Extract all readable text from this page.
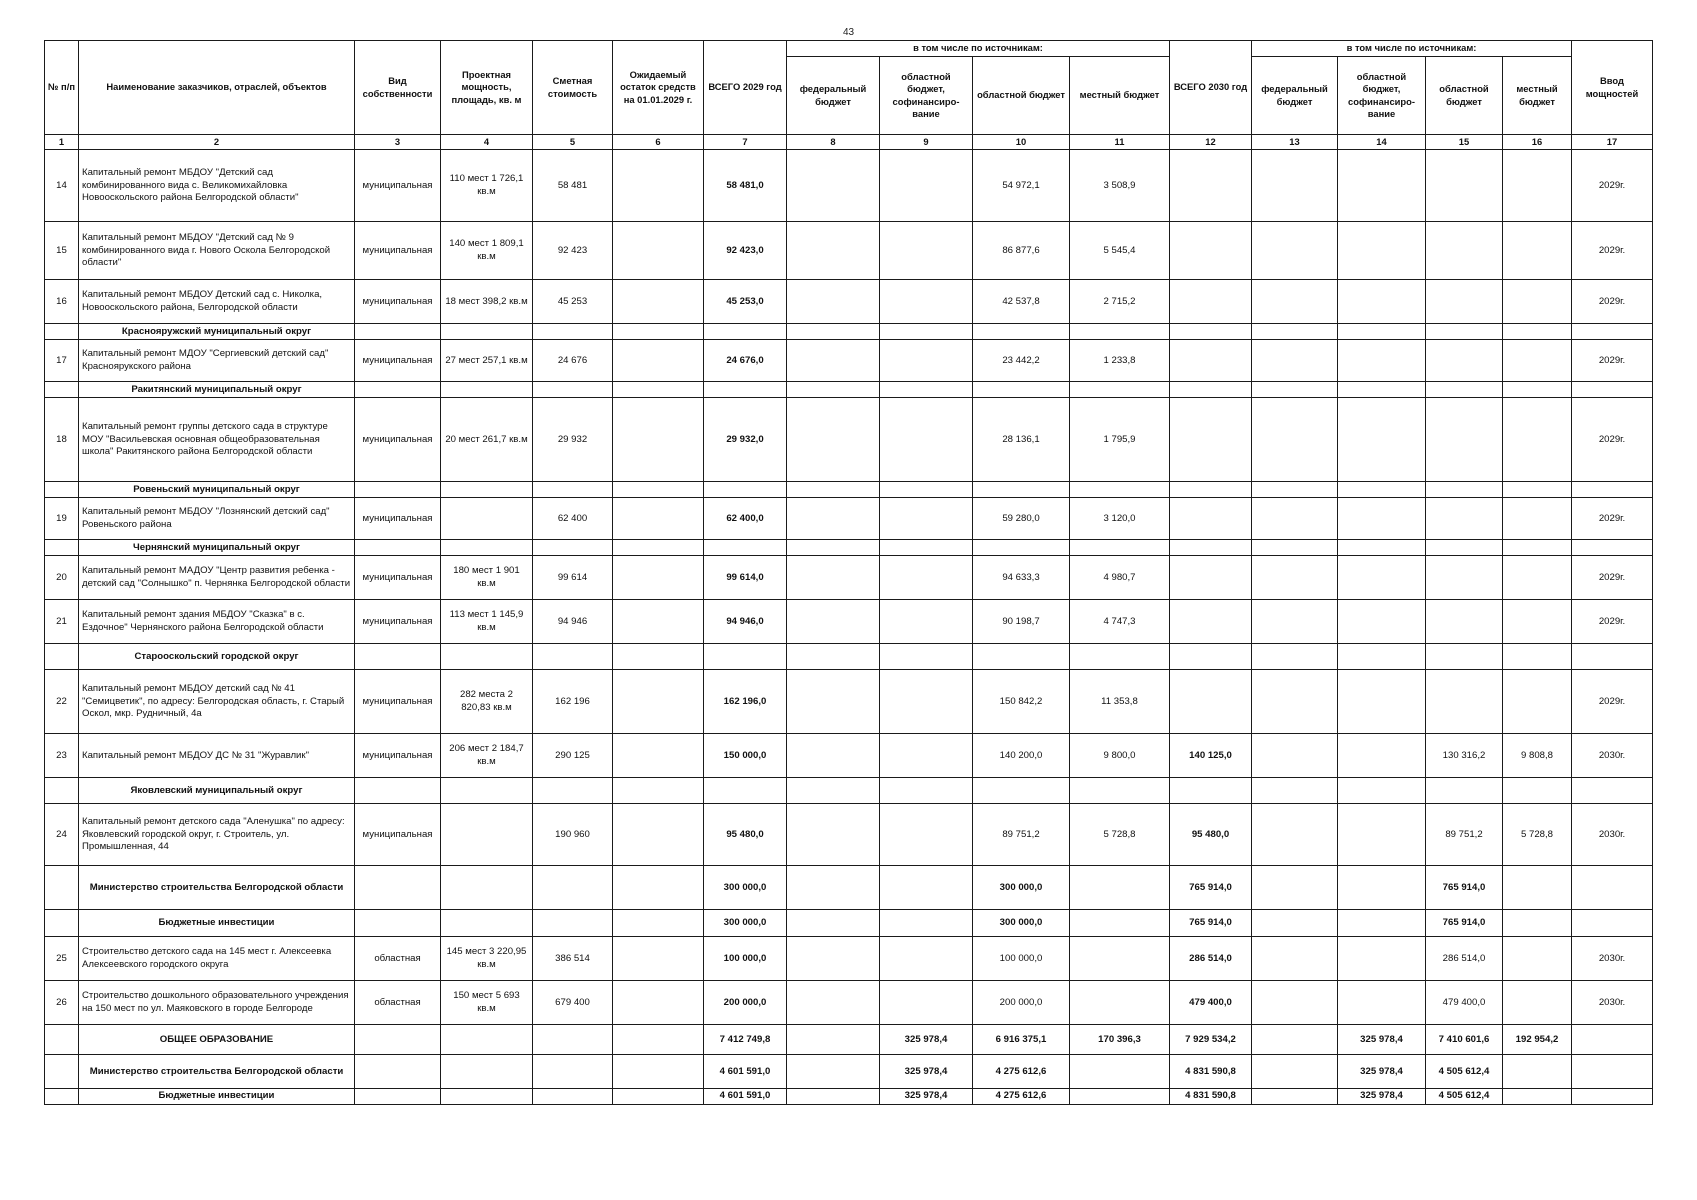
43
№ п/п	Наименование заказчиков, отраслей, объектов	Вид собственности	Проектная мощность, площадь, кв. м	Сметная стоимость	Ожидаемый остаток средств на 01.01.2029 г.	ВСЕГО 2029 год	в том числе по источникам:				ВСЕГО 2030 год	в том числе по источникам:				Ввод мощностей
							федеральный бюджет	областной бюджет, софинансиро-вание	областной бюджет	местный бюджет		федеральный бюджет	областной бюджет, софинансиро-вание	областной бюджет	местный бюджет	
1	2	3	4	5	6	7	8	9	10	11	12	13	14	15	16	17
14	Капитальный ремонт МБДОУ "Детский сад комбинированного вида с. Великомихайловка Новооскольского района Белгородской области"	муниципальная	110 мест 1 726,1 кв.м	58 481		58 481,0			54 972,1	3 508,9						2029г.
15	Капитальный ремонт МБДОУ "Детский сад № 9 комбинированного вида г. Нового Оскола Белгородской области"	муниципальная	140 мест 1 809,1 кв.м	92 423		92 423,0			86 877,6	5 545,4						2029г.
16	Капитальный ремонт МБДОУ Детский сад с. Николка, Новооскольского района, Белгородской области	муниципальная	18 мест 398,2 кв.м	45 253		45 253,0			42 537,8	2 715,2						2029г.
	Краснояружский муниципальный округ															
17	Капитальный ремонт МДОУ "Сергиевский детский сад" Красноярукского района	муниципальная	27 мест 257,1 кв.м	24 676		24 676,0			23 442,2	1 233,8						2029г.
	Ракитянский муниципальный округ															
18	Капитальный ремонт группы детского сада в структуре МОУ "Васильевская основная общеобразовательная школа" Ракитянского района Белгородской области	муниципальная	20 мест 261,7 кв.м	29 932		29 932,0			28 136,1	1 795,9						2029г.
	Ровеньский муниципальный округ															
19	Капитальный ремонт МБДОУ "Лознянский детский сад" Ровеньского района	муниципальная		62 400		62 400,0			59 280,0	3 120,0						2029г.
	Чернянский муниципальный округ															
20	Капитальный ремонт МАДОУ "Центр развития ребенка - детский сад "Солнышко" п. Чернянка Белгородской области	муниципальная	180 мест 1 901 кв.м	99 614		99 614,0			94 633,3	4 980,7						2029г.
21	Капитальный ремонт здания МБДОУ "Сказка" в с. Ездочное" Чернянского района Белгородской области	муниципальная	113 мест 1 145,9 кв.м	94 946		94 946,0			90 198,7	4 747,3						2029г.
	Старооскольский городской округ															
22	Капитальный ремонт МБДОУ детский сад № 41 "Семицветик", по адресу: Белгородская область, г. Старый Оскол, мкр. Рудничный, 4а	муниципальная	282 места 2 820,83 кв.м	162 196		162 196,0			150 842,2	11 353,8						2029г.
23	Капитальный ремонт МБДОУ ДС № 31 "Журавлик"	муниципальная	206 мест 2 184,7 кв.м	290 125		150 000,0			140 200,0	9 800,0	140 125,0			130 316,2	9 808,8	2030г.
	Яковлевский муниципальный округ															
24	Капитальный ремонт детского сада "Аленушка" по адресу: Яковлевский городской округ, г. Строитель, ул. Промышленная, 44	муниципальная		190 960		95 480,0			89 751,2	5 728,8	95 480,0			89 751,2	5 728,8	2030г.
	Министерство строительства Белгородской области					300 000,0			300 000,0		765 914,0			765 914,0		
	Бюджетные инвестиции					300 000,0			300 000,0		765 914,0			765 914,0		
25	Строительство детского сада на 145 мест г. Алексеевка Алексеевского городского округа	областная	145 мест 3 220,95 кв.м	386 514		100 000,0			100 000,0		286 514,0			286 514,0		2030г.
26	Строительство дошкольного образовательного учреждения на 150 мест по ул. Маяковского в городе Белгороде	областная	150 мест 5 693 кв.м	679 400		200 000,0			200 000,0		479 400,0			479 400,0		2030г.
	ОБЩЕЕ ОБРАЗОВАНИЕ					7 412 749,8		325 978,4	6 916 375,1	170 396,3	7 929 534,2		325 978,4	7 410 601,6	192 954,2	
	Министерство строительства Белгородской области					4 601 591,0		325 978,4	4 275 612,6		4 831 590,8		325 978,4	4 505 612,4		
	Бюджетные инвестиции					4 601 591,0		325 978,4	4 275 612,6		4 831 590,8		325 978,4	4 505 612,4		
